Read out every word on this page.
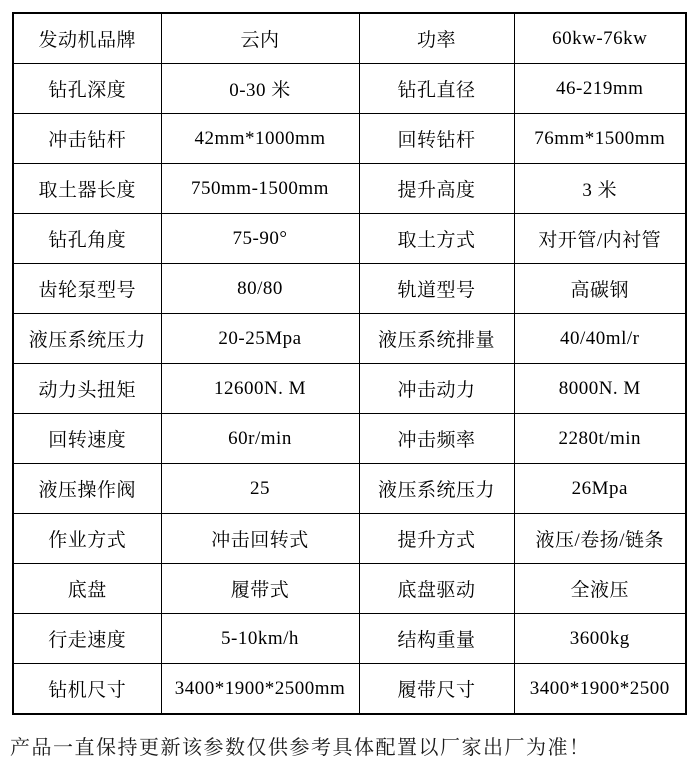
发动机品牌	云内	功率	60kw-76kw
钻孔深度	0-30 米	钻孔直径	46-219mm
冲击钻杆	42mm*1000mm	回转钻杆	76mm*1500mm
取土器长度	750mm-1500mm	提升高度	3 米
钻孔角度	75-90°	取土方式	对开管/内衬管
齿轮泵型号	80/80	轨道型号	高碳钢
液压系统压力	20-25Mpa	液压系统排量	40/40ml/r
动力头扭矩	12600N. M	冲击动力	8000N. M
回转速度	60r/min	冲击频率	2280t/min
液压操作阀	25	液压系统压力	26Mpa
作业方式	冲击回转式	提升方式	液压/卷扬/链条
底盘	履带式	底盘驱动	全液压
行走速度	5-10km/h	结构重量	3600kg
钻机尺寸	3400*1900*2500mm	履带尺寸	3400*1900*2500
产品一直保持更新该参数仅供参考具体配置以厂家出厂为准！
